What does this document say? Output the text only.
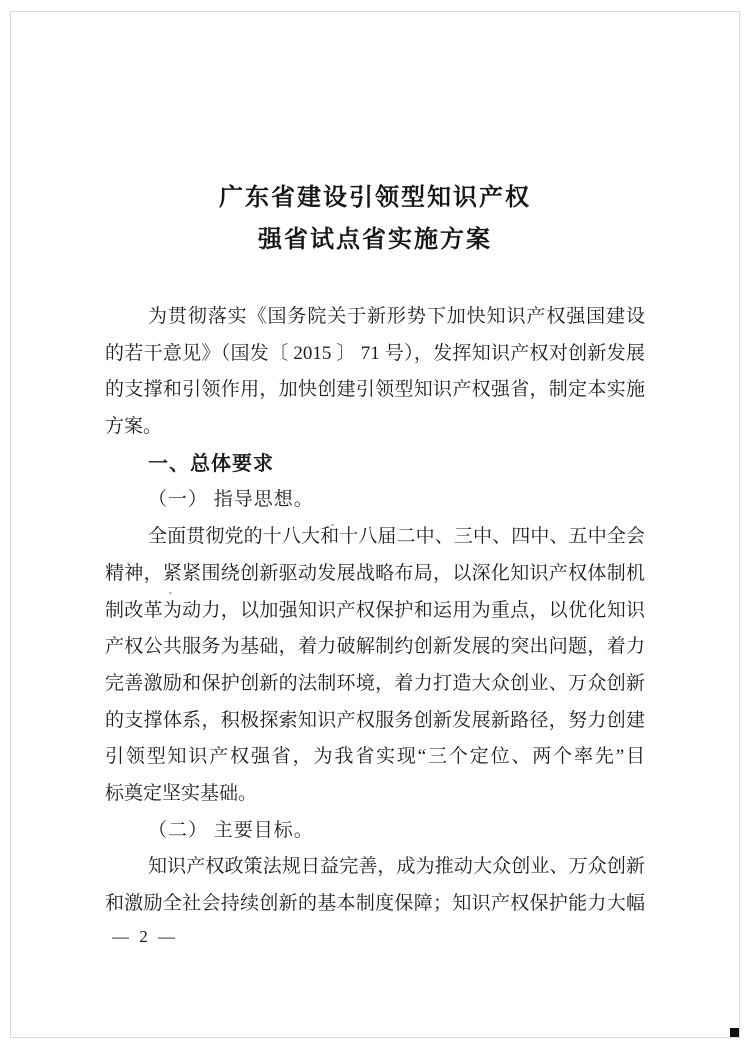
广东省建设引领型知识产权
强省试点省实施方案
为贯彻落实《国务院关于新形势下加快知识产权强国建设
的若干意见》（国发〔 2015 〕 71 号），发挥知识产权对创新发展
的支撑和引领作用，加快创建引领型知识产权强省，制定本实施
方案。
一、总体要求
（一） 指导思想。
全面贯彻党的十八大和十八届二中、三中、四中、五中全会
精神，紧紧围绕创新驱动发展战略布局，以深化知识产权体制机
制改革为动力，以加强知识产权保护和运用为重点，以优化知识
产权公共服务为基础，着力破解制约创新发展的突出问题，着力
完善激励和保护创新的法制环境，着力打造大众创业、万众创新
的支撑体系，积极探索知识产权服务创新发展新路径，努力创建
引领型知识产权强省，为我省实现“三个定位、两个率先”目
标奠定坚实基础。
（二） 主要目标。
知识产权政策法规日益完善，成为推动大众创业、万众创新
和激励全社会持续创新的基本制度保障；知识产权保护能力大幅
— 2 —
